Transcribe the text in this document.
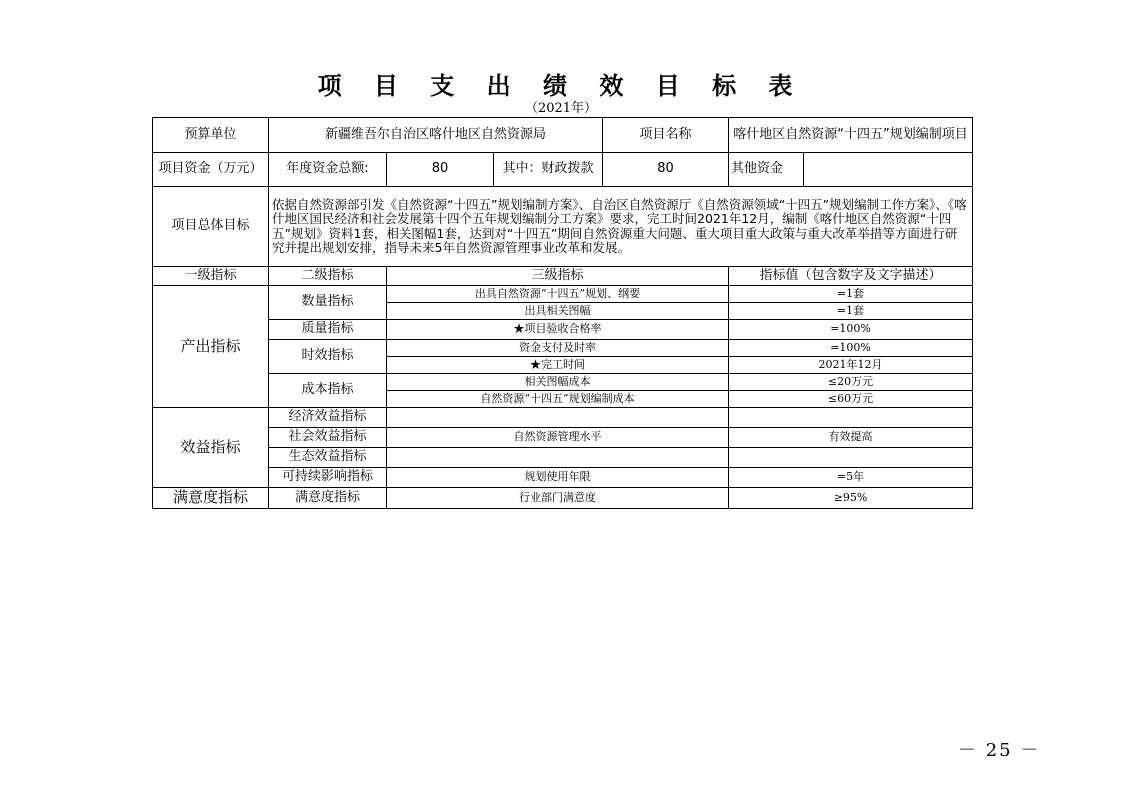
项 目 支 出 绩 效 目 标 表
（2021年）
预算单位	新疆维吾尔自治区喀什地区自然资源局			项目名称	喀什地区自然资源“十四五”规划编制项目	
项目资金（万元）	年度资金总额:	80	其中：财政拨款	80	其他资金	
项目总体目标	依据自然资源部引发《自然资源“十四五”规划编制方案》、自治区自然资源厅《自然资源领域“十四五”规划编制工作方案》、《喀什地区国民经济和社会发展第十四个五年规划编制分工方案》要求，完工时间2021年12月，编制《喀什地区自然资源“十四五”规划》资料1套，相关图幅1套，达到对“十四五”期间自然资源重大问题、重大项目重大政策与重大改革举措等方面进行研究并提出规划安排，指导未来5年自然资源管理事业改革和发展。					
一级指标	二级指标	三级指标			指标值（包含数字及文字描述）	
产出指标	数量指标	出具自然资源“十四五”规划、纲要			=1套	
		出具相关图幅			=1套	
	质量指标	★项目验收合格率			=100%	
	时效指标	资金支付及时率			=100%	
		★完工时间			2021年12月	
	成本指标	相关图幅成本			≤20万元	
		自然资源“十四五”规划编制成本			≤60万元	
效益指标	经济效益指标					
	社会效益指标	自然资源管理水平			有效提高	
	生态效益指标					
	可持续影响指标	规划使用年限			=5年	
满意度指标	满意度指标	行业部门满意度			≥95%	
－ 25 －
